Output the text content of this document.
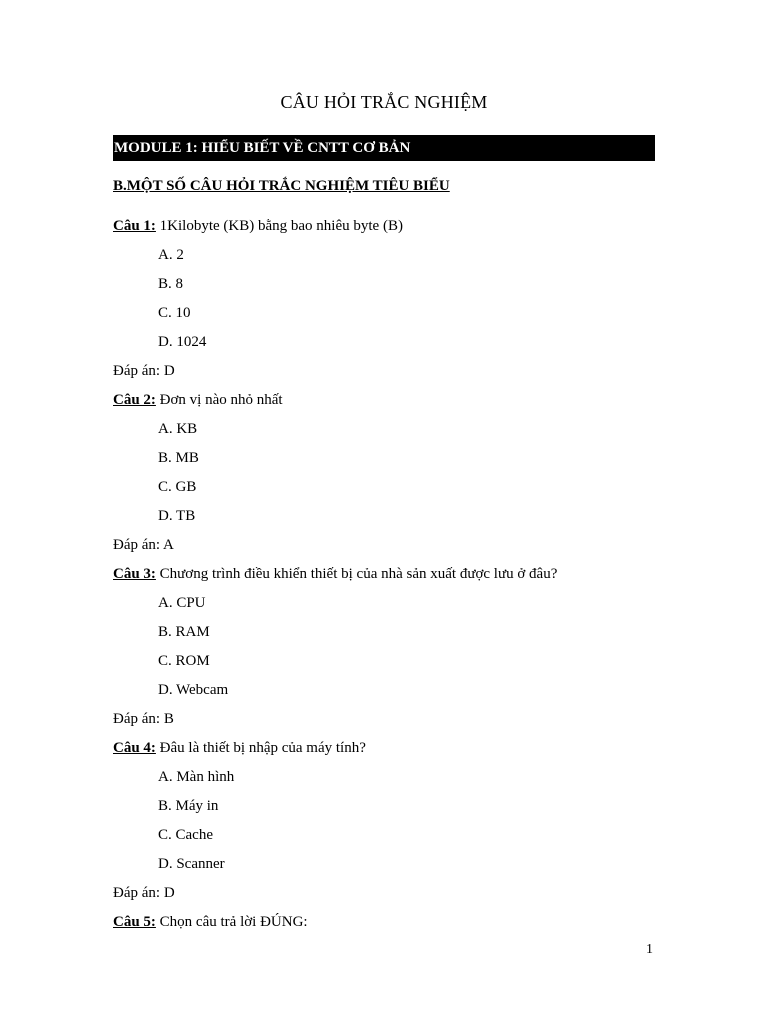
CÂU HỎI TRẮC NGHIỆM
MODULE 1: HIỂU BIẾT VỀ CNTT CƠ BẢN
B.MỘT SỐ CÂU HỎI TRẮC NGHIỆM TIÊU BIỂU
Câu 1: 1Kilobyte (KB) bằng bao nhiêu byte (B)
A. 2
B. 8
C. 10
D. 1024
Đáp án: D
Câu 2: Đơn vị nào nhỏ nhất
A. KB
B. MB
C. GB
D. TB
Đáp án: A
Câu 3: Chương trình điều khiển thiết bị của nhà sản xuất được lưu ở đâu?
A. CPU
B. RAM
C. ROM
D. Webcam
Đáp án: B
Câu 4: Đâu là thiết bị nhập của máy tính?
A. Màn hình
B. Máy in
C. Cache
D. Scanner
Đáp án: D
Câu 5: Chọn câu trả lời ĐÚNG:
1
